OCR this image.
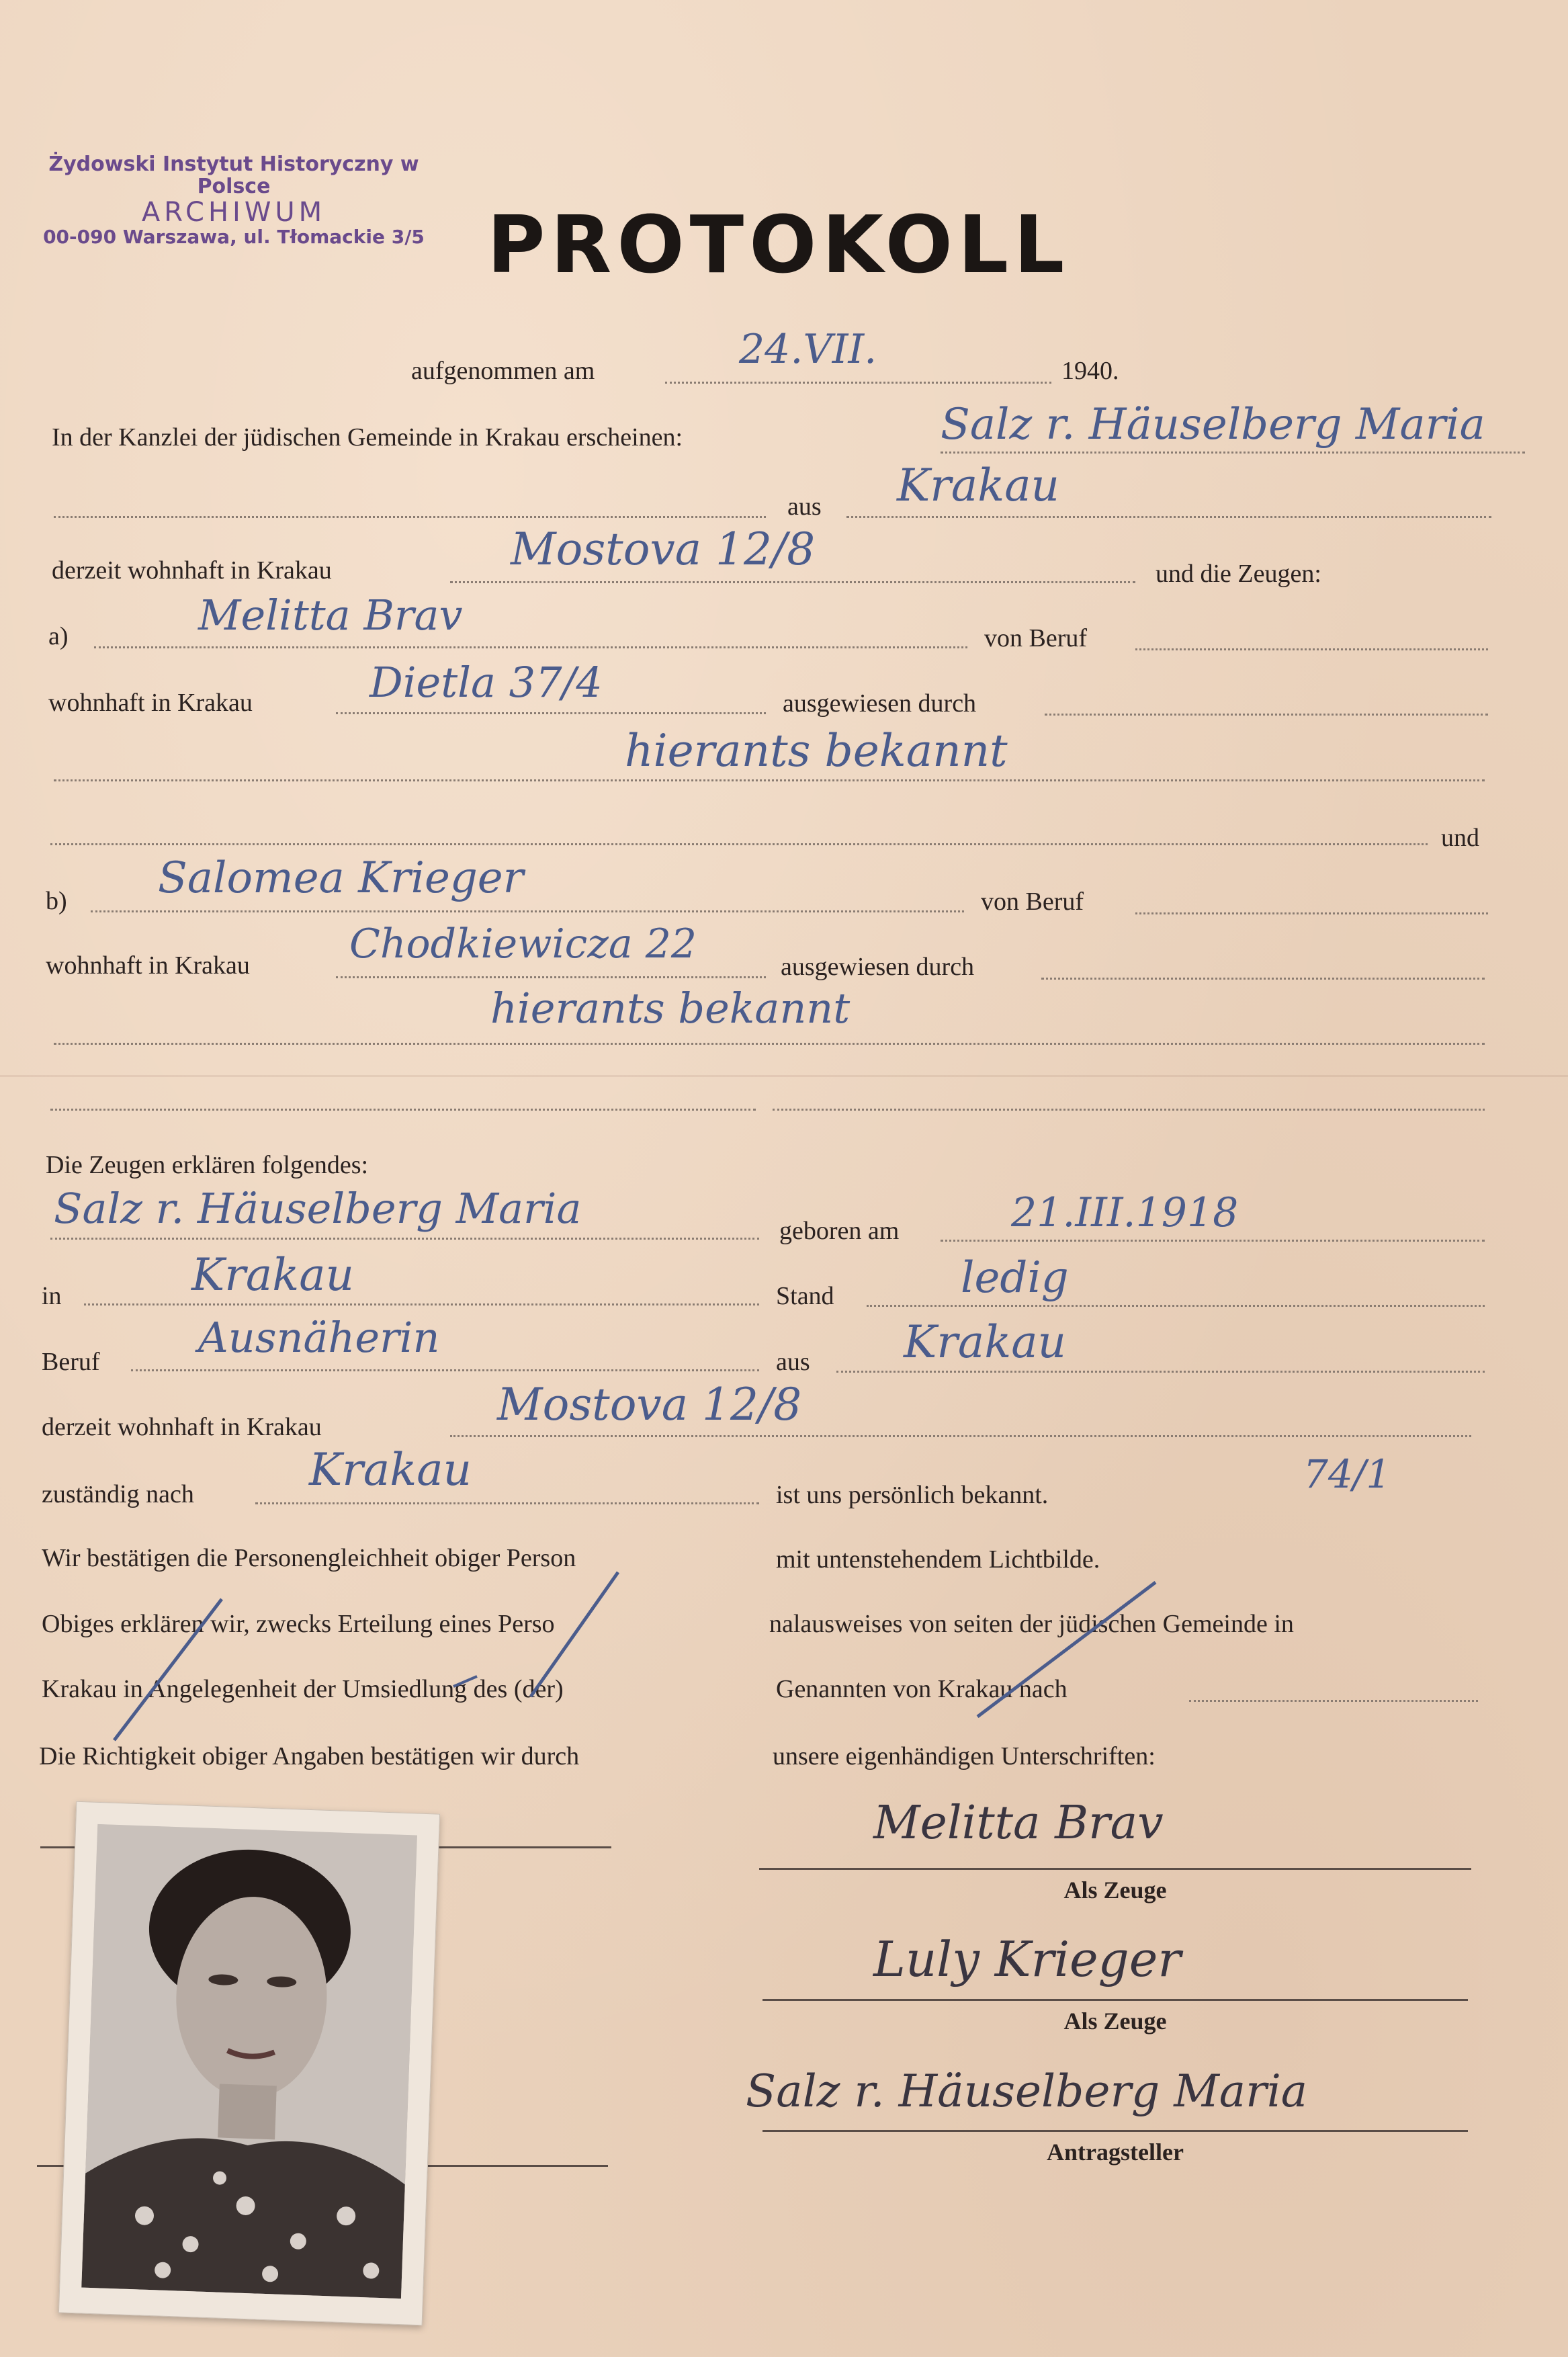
Żydowski Instytut Historyczny w Polsce
ARCHIWUM
00-090 Warszawa, ul. Tłomackie 3/5 PROTOKOLL
aufgenommen am	24.VII.	1940.
In der Kanzlei der jüdischen Gemeinde in Krakau erscheinen:	Salz r. Häuselberg Maria
aus Krakau
derzeit wohnhaft in Krakau	Mostova 12/8	und die Zeugen:
a)	Melitta Brav	von Beruf
wohnhaft in Krakau	Dietla 37/4	ausgewiesen durch
hierants bekannt
und
b) Salomea Krieger	von Beruf
wohnhaft in Krakau Chodkiewicza 22	ausgewiesen durch
hierants bekannt
Die Zeugen erklären folgendes:
Salz r. Häuselberg Maria	geboren am	21.III.1918
in	Krakau	Stand	ledig
Beruf Ausnäherin	aus Krakau
derzeit wohnhaft in Krakau	Mostova 12/8
zuständig nach	Krakau	ist uns persönlich bekannt.	74/1
Wir bestätigen die Personengleichheit obiger Person	mit untenstehendem Lichtbilde.
Obiges erklären wir, zwecks Erteilung eines Perso	nalausweises von seiten der jüdischen Gemeinde in
Krakau in Angelegenheit der Umsiedlung des (der)	Genannten von Krakau nach
Die Richtigkeit obiger Angaben bestätigen wir durch	unsere eigenhändigen Unterschriften:
Melitta Brav
Als Zeuge
Luly Krieger
Als Zeuge
Salz r. Häuselberg Maria
Antragsteller
